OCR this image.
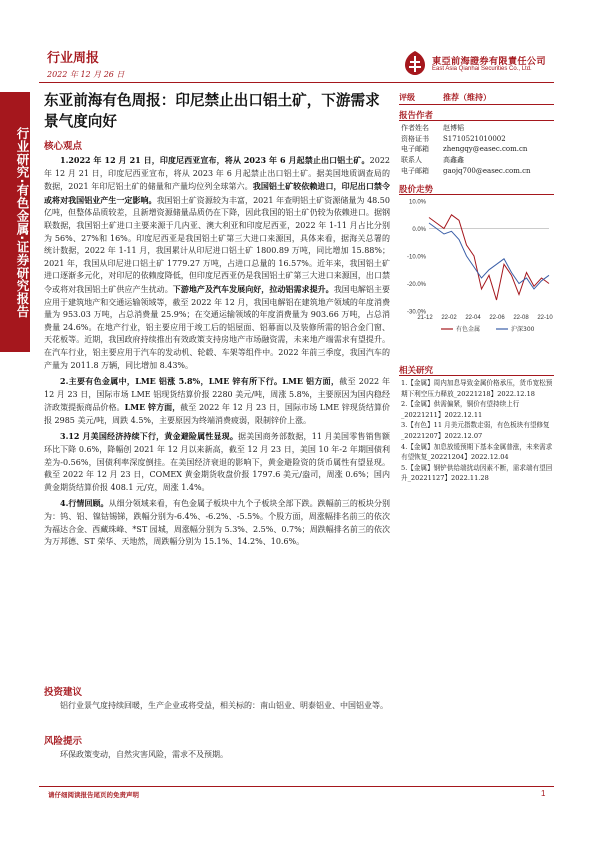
行业研究·有色金属·证券研究报告
行业周报
2022 年 12 月 26 日
東亞前海證券有限責任公司
East Asia Qianhai Securities Co., Ltd.
东亚前海有色周报：印尼禁止出口铝土矿，下游需求景气度向好
核心观点

1.2022 年 12 月 21 日，印度尼西亚宣布，将从 2023 年 6 月起禁止出口铝土矿。2022 年 12 月 21 日，印度尼西亚宣布，将从 2023 年 6 月起禁止出口铝土矿。据美国地质调查局的数据，2021 年印尼铝土矿的储量和产量均位列全球第六。我国铝土矿较依赖进口，印尼出口禁令或将对我国铝业产生一定影响。我国铝土矿资源较为丰富，2021 年查明铝土矿资源储量为 48.50 亿吨，但整体品质较差，且新增资源储量品质仍在下降，因此我国的铝土矿仍较为依赖进口。据钢联数据，我国铝土矿进口主要来源于几内亚、澳大利亚和印度尼西亚，2022 年 1-11 月占比分别为 56%、27%和 16%。印度尼西亚是我国铝土矿第三大进口来源国，具体来看，据海关总署的统计数据，2022 年 1-11 月，我国累计从印尼进口铝土矿 1800.89 万吨，同比增加 15.88%；2021 年，我国从印尼进口铝土矿 1779.27 万吨，占进口总量的 16.57%。近年来，我国铝土矿进口逐渐多元化，对印尼的依赖度降低，但印度尼西亚仍是我国铝土矿第三大进口来源国，出口禁令或将对我国铝土矿供应产生扰动。下游地产及汽车发展向好，拉动铝需求提升。我国电解铝主要应用于建筑地产和交通运输领域等，截至 2022 年 12 月，我国电解铝在建筑地产领域的年度消费量为 953.03 万吨，占总消费量 25.9%；在交通运输领域的年度消费量为 903.66 万吨，占总消费量 24.6%。在地产行业，铝主要应用于竣工后的铝屋面、铝幕面以及装修所需的铝合金门窗、天花板等。近期，我国政府持续推出有效政策支持房地产市场融资需，未来地产端需求有望提升。在汽车行业，铝主要应用于汽车的发动机、轮毂、车架等组件中。2022 年前三季度，我国汽车的产量为 2011.8 万辆，同比增加 8.43%。

2.主要有色金属中，LME 铝涨 5.8%，LME 锌有所下行。LME 铝方面，截至 2022 年 12 月 23 日，国际市场 LME 铝现货结算价报 2280 美元/吨，周涨 5.8%，主要原因为国内稳经济政策提振商品价格。LME 锌方面，截至 2022 年 12 月 23 日，国际市场 LME 锌现货结算价报 2985 美元/吨，周跌 4.5%，主要原因为终端消费疲弱，限制锌价上涨。

3.12 月美国经济持续下行，黄金避险属性显现。据美国商务部数据，11 月美国零售销售额环比下降 0.6%，降幅创 2021 年 12 月以来新高，截至 12 月 23 日，美国 10 年-2 年期国债利差为-0.56%，国债利率深度倒挂。在美国经济衰退的影响下，黄金避险资的货币属性有望显现。截至 2022 年 12 月 23 日，COMEX 黄金期货收盘价报 1797.6 美元/盎司，周涨 0.6%；国内黄金期货结算价报 408.1 元/克，周涨 1.4%。

4.行情回顾。从细分领域来看，有色金属子板块中九个子板块全部下跌。跌幅前三的板块分别为：钨、铝、镍钴锡锑，跌幅分别为-6.4%、-6.2%、-5.5%。个股方面，周涨幅排名前三的依次为福达合金、西藏珠峰、*ST 园城，周涨幅分别为 5.3%、2.5%、0.7%；周跌幅排名前三的依次为万邦德、ST 荣华、天地然，周跌幅分别为 15.1%、14.2%、10.6%。

投资建议

铝行业景气度持续回暖，生产企业或将受益，相关标的：南山铝业、明泰铝业、中国铝业等。

风险提示

环保政策变动，自然灾害风险，需求不及预期。

评级	推荐（维持）
报告作者
作者姓名	赵博韬
资格证书	S1710521010002
电子邮箱	zhengqy@easec.com.cn
联系人	高鑫鑫
电子邮箱	gaojq700@easec.com.cn
股价走势
10.0%
0.0%
-10.0%
-20.0%
-30.0%
21-12 22-02 22-04 22-06 22-08 22-10
有色金属	沪深300
相关研究
1.【金属】周内加息导致金属价格承压，货币宽松预期下利空压力释放_20221218】2022.12.18
2.【金属】供需偏紧，铜价有望持续上行_20221211】2022.12.11
3.【有色】11 月美元指数走弱，有色板块有望修复_20221207】2022.12.07
4.【金属】加息放缓预期下基本金属普涨，未来需求有望恢复_20221204】2022.12.04
5.【金属】钢铲供给端扰动因素不断，需求端有望回升_20221127】2022.11.28
请仔细阅读报告尾页的免责声明	1
